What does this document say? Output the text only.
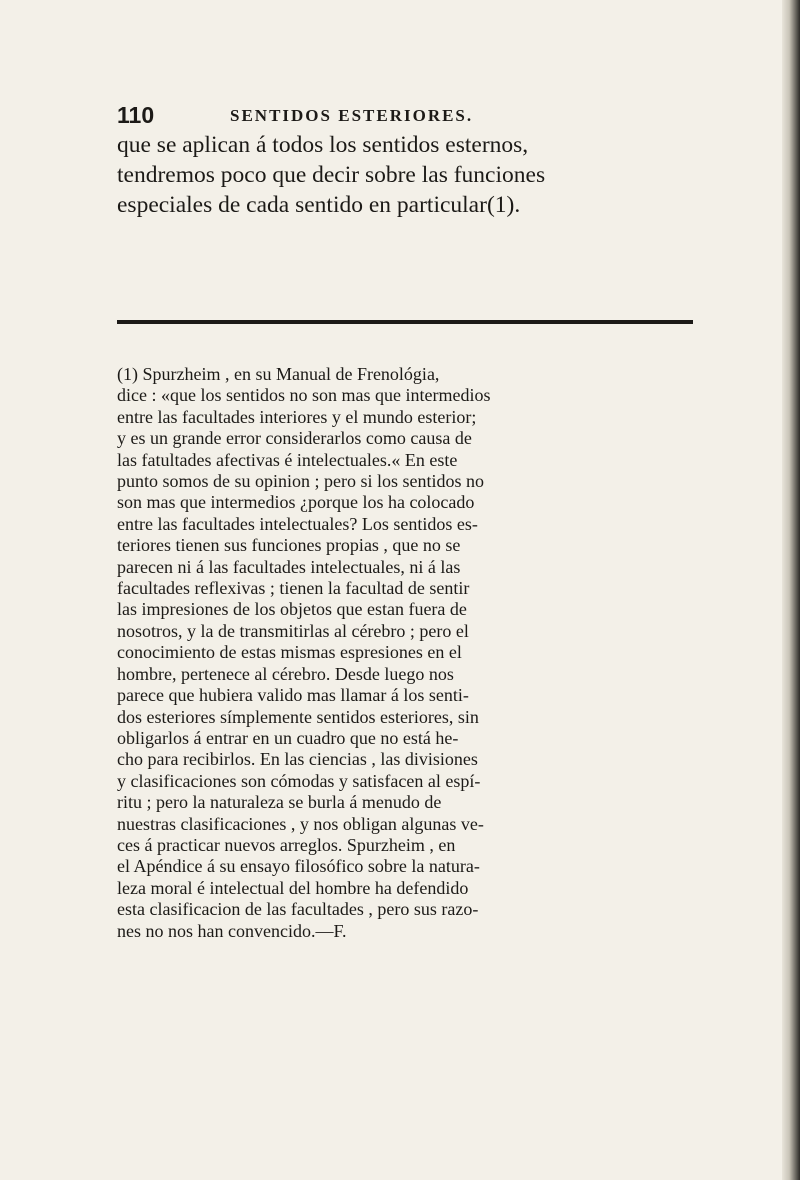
110	SENTIDOS ESTERIORES.
que se aplican á todos los sentidos esternos,
tendremos poco que decir sobre las funciones
especiales de cada sentido en particular(1).
(1) Spurzheim , en su Manual de Frenológia,
dice : «que los sentidos no son mas que intermedios
entre las facultades interiores y el mundo esterior;
y es un grande error considerarlos como causa de
las fatultades afectivas é intelectuales.« En este
punto somos de su opinion ; pero si los sentidos no
son mas que intermedios ¿porque los ha colocado
entre las facultades intelectuales? Los sentidos es-
teriores tienen sus funciones propias , que no se
parecen ni á las facultades intelectuales, ni á las
facultades reflexivas ; tienen la facultad de sentir
las impresiones de los objetos que estan fuera de
nosotros, y la de transmitirlas al cérebro ; pero el
conocimiento de estas mismas espresiones en el
hombre, pertenece al cérebro. Desde luego nos
parece que hubiera valido mas llamar á los senti-
dos esteriores símplemente sentidos esteriores, sin
obligarlos á entrar en un cuadro que no está he-
cho para recibirlos. En las ciencias , las divisiones
y clasificaciones son cómodas y satisfacen al espí-
ritu ; pero la naturaleza se burla á menudo de
nuestras clasificaciones , y nos obligan algunas ve-
ces á practicar nuevos arreglos. Spurzheim , en
el Apéndice á su ensayo filosófico sobre la natura-
leza moral é intelectual del hombre ha defendido
esta clasificacion de las facultades , pero sus razo-
nes no nos han convencido.—F.
